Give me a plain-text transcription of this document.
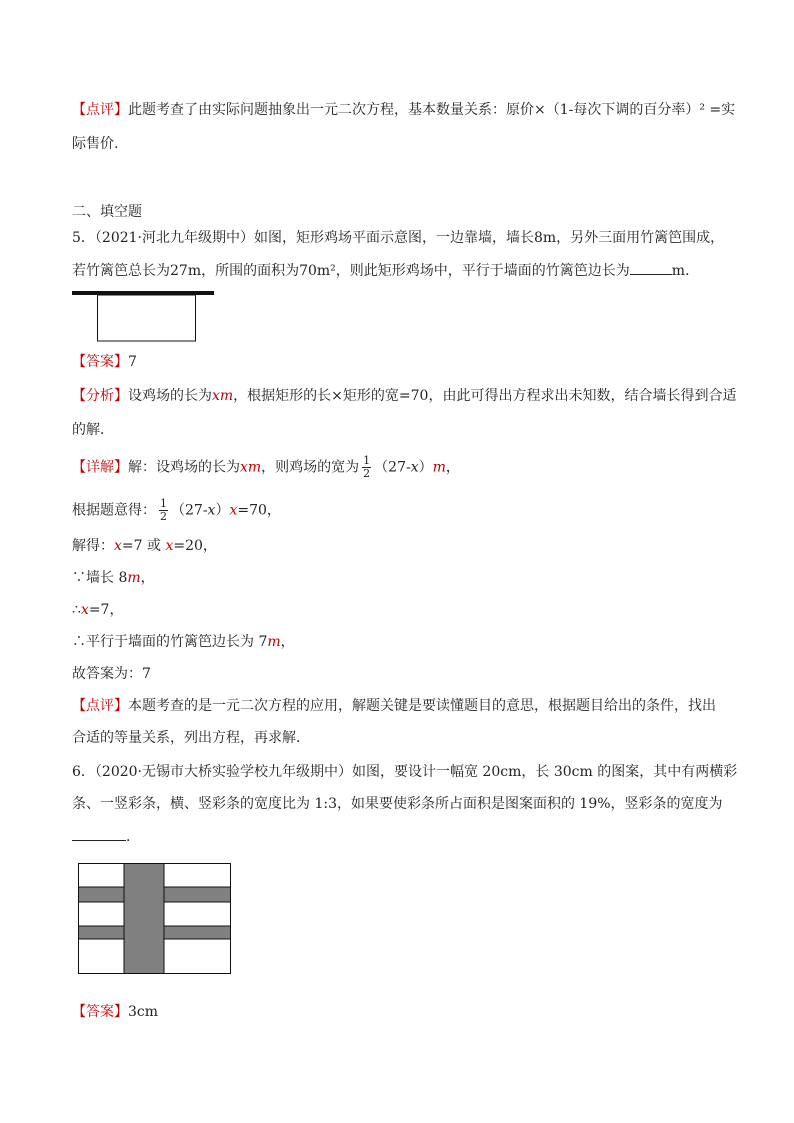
【点评】此题考查了由实际问题抽象出一元二次方程，基本数量关系：原价×（1-每次下调的百分率）² =实
际售价.
二、填空题
5．（2021·河北九年级期中）如图，矩形鸡场平面示意图，一边靠墙，墙长8m，另外三面用竹篱笆围成，
若竹篱笆总长为27m，所围的面积为70m²，则此矩形鸡场中，平行于墙面的竹篱笆边长为	m．
【答案】7
【分析】设鸡场的长为xm，根据矩形的长×矩形的宽=70，由此可得出方程求出未知数，结合墙长得到合适
的解．
【详解】解：设鸡场的长为xm，则鸡场的宽为 $\frac{1}{2} (27-x)m$，
根据题意得： $\frac{1}{2} (27-x)x=70$，
解得：x=7 或 x=20，
∵墙长 8m，
∴x=7，
∴平行于墙面的竹篱笆边长为 7m，
故答案为：7
【点评】本题考查的是一元二次方程的应用，解题关键是要读懂题目的意思，根据题目给出的条件，找出
合适的等量关系，列出方程，再求解．
6．（2020·无锡市大桥实验学校九年级期中）如图，要设计一幅宽 20cm，长 30cm 的图案，其中有两横彩
条、一竖彩条，横、竖彩条的宽度比为 1:3，如果要使彩条所占面积是图案面积的 19%，竖彩条的宽度为
．
【答案】3cm
